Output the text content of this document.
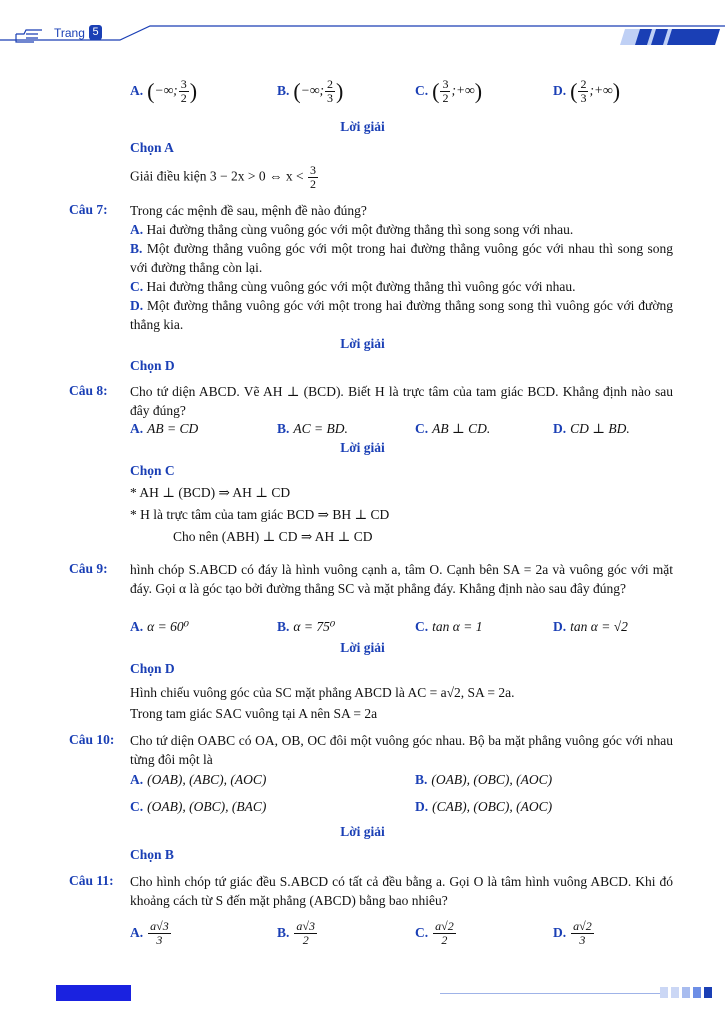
Trang 5
A. (−∞; $\frac{3}{2}$ )	B. (−∞; $\frac{2}{3}$ )	C. ( $\frac{3}{2}$ ;+∞)	D. ( $\frac{2}{3}$ ;+∞)
Lời giải
Chọn A
Giải điều kiện 3 − 2x > 0 ⇔ $x < \frac{3}{2}$
Câu 7: Trong các mệnh đề sau, mệnh đề nào đúng?
A. Hai đường thẳng cùng vuông góc với một đường thẳng thì song song với nhau.
B. Một đường thẳng vuông góc với một trong hai đường thẳng vuông góc với nhau thì song song với đường thẳng còn lại.
C. Hai đường thẳng cùng vuông góc với một đường thẳng thì vuông góc với nhau.
D. Một đường thẳng vuông góc với một trong hai đường thẳng song song thì vuông góc với đường thẳng kia.
Lời giải
Chọn D
Câu 8: Cho tứ diện ABCD. Vẽ AH ⊥ (BCD). Biết H là trực tâm của tam giác BCD. Khẳng định nào sau đây đúng?
A. AB = CD	B. AC = BD.	C. AB ⊥ CD.	D. CD ⊥ BD.
Lời giải
Chọn C
* AH ⊥ (BCD) ⇒ AH ⊥ CD
* H là trực tâm của tam giác BCD ⇒ BH ⊥ CD
Cho nên (ABH) ⊥ CD ⇒ AH ⊥ CD
Câu 9: hình chóp S.ABCD có đáy là hình vuông cạnh a, tâm O. Cạnh bên SA = 2a và vuông góc với mặt đáy. Gọi α là góc tạo bởi đường thẳng SC và mặt phẳng đáy. Khẳng định nào sau đây đúng?
A. α = 60⁰	B. α = 75⁰	C. tan α = 1	D. tan α = √2
Lời giải
Chọn D
Hình chiếu vuông góc của SC mặt phẳng ABCD là AC = a√2, SA = 2a.
Trong tam giác SAC vuông tại A nên SA = 2a
Câu 10: Cho tứ diện OABC có OA, OB, OC đôi một vuông góc nhau. Bộ ba mặt phẳng vuông góc với nhau từng đôi một là
A. (OAB), (ABC), (AOC)	B. (OAB), (OBC), (AOC)
C. (OAB), (OBC), (BAC)	D. (CAB), (OBC), (AOC)
Lời giải
Chọn B
Câu 11: Cho hình chóp tứ giác đều S.ABCD có tất cả đều bằng a. Gọi O là tâm hình vuông ABCD. Khi đó khoảng cách từ S đến mặt phẳng (ABCD) bằng bao nhiêu?
A. $\frac{a√3}{3}$	B. $\frac{a√3}{2}$	C. $\frac{a√2}{2}$	D. $\frac{a√2}{3}$
